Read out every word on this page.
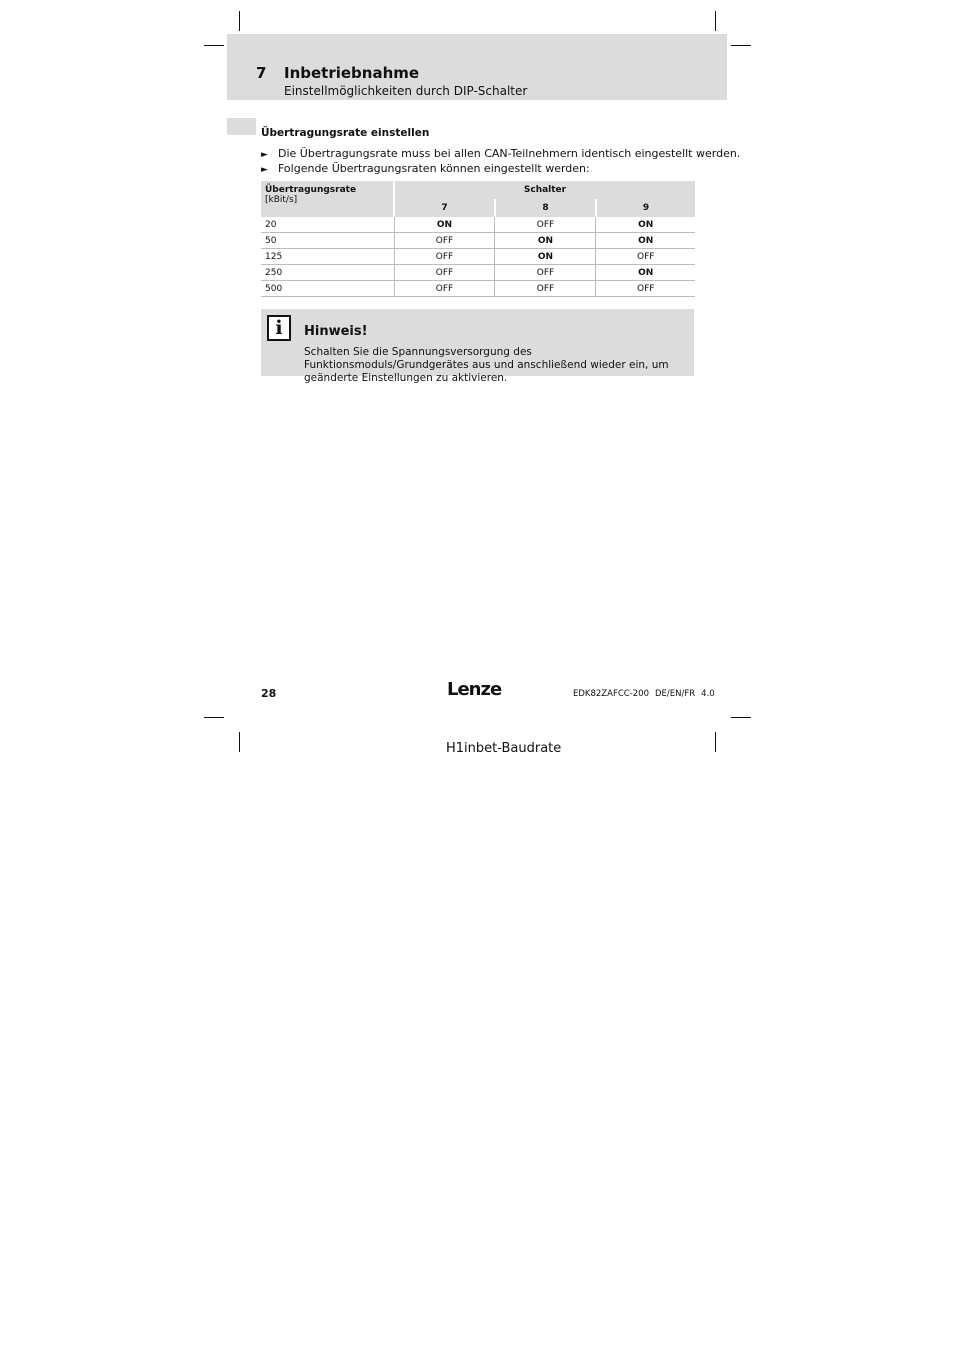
7 Inbetriebnahme
Einstellmöglichkeiten durch DIP-Schalter
Übertragungsrate einstellen
► Die Übertragungsrate muss bei allen CAN-Teilnehmern identisch eingestellt werden.
► Folgende Übertragungsraten können eingestellt werden:
Übertragungsrate [kBit/s]	Schalter		
	7	8	9
20	ON	OFF	ON
50	OFF	ON	ON
125	OFF	ON	OFF
250	OFF	OFF	ON
500	OFF	OFF	OFF
i	Hinweis!
Schalten Sie die Spannungsversorgung des Funktionsmoduls/Grundgerätes aus und anschließend wieder ein, um geänderte Einstellungen zu aktivieren.
28	Lenze	EDK82ZAFCC-200 DE/EN/FR 4.0
H1inbet-Baudrate
